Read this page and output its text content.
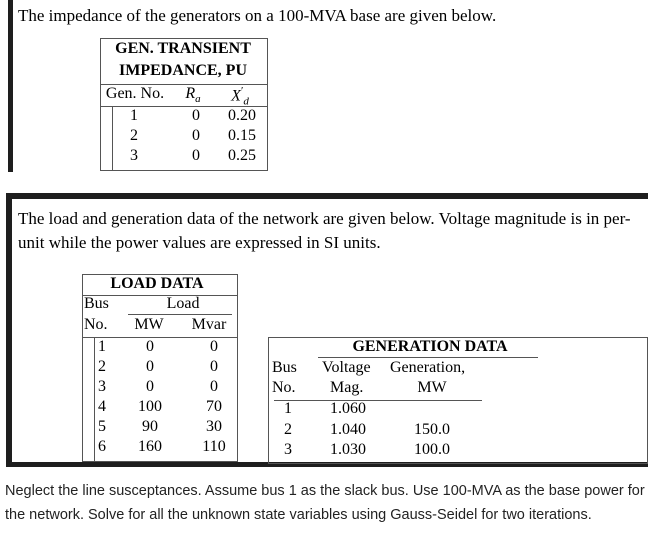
The impedance of the generators on a 100-MVA base are given below.
GEN. TRANSIENT
IMPEDANCE, PU
Gen. No.	$R_a$	$X'_d$
1	0	0.20
2	0	0.15
3	0	0.25
The load and generation data of the network are given below. Voltage magnitude is in per-unit while the power values are expressed in SI units.
LOAD DATA
Bus	Load
No.	MW	Mvar
1	0	0
2	0	0
3	0	0
4	100	70
5	90	30
6	160	110
GENERATION DATA
Bus	Voltage	Generation,
No.	Mag.	MW
1	1.060
2	1.040	150.0
3	1.030	100.0
Neglect the line susceptances. Assume bus 1 as the slack bus. Use 100-MVA as the base power for the network. Solve for all the unknown state variables using Gauss-Seidel for two iterations.
